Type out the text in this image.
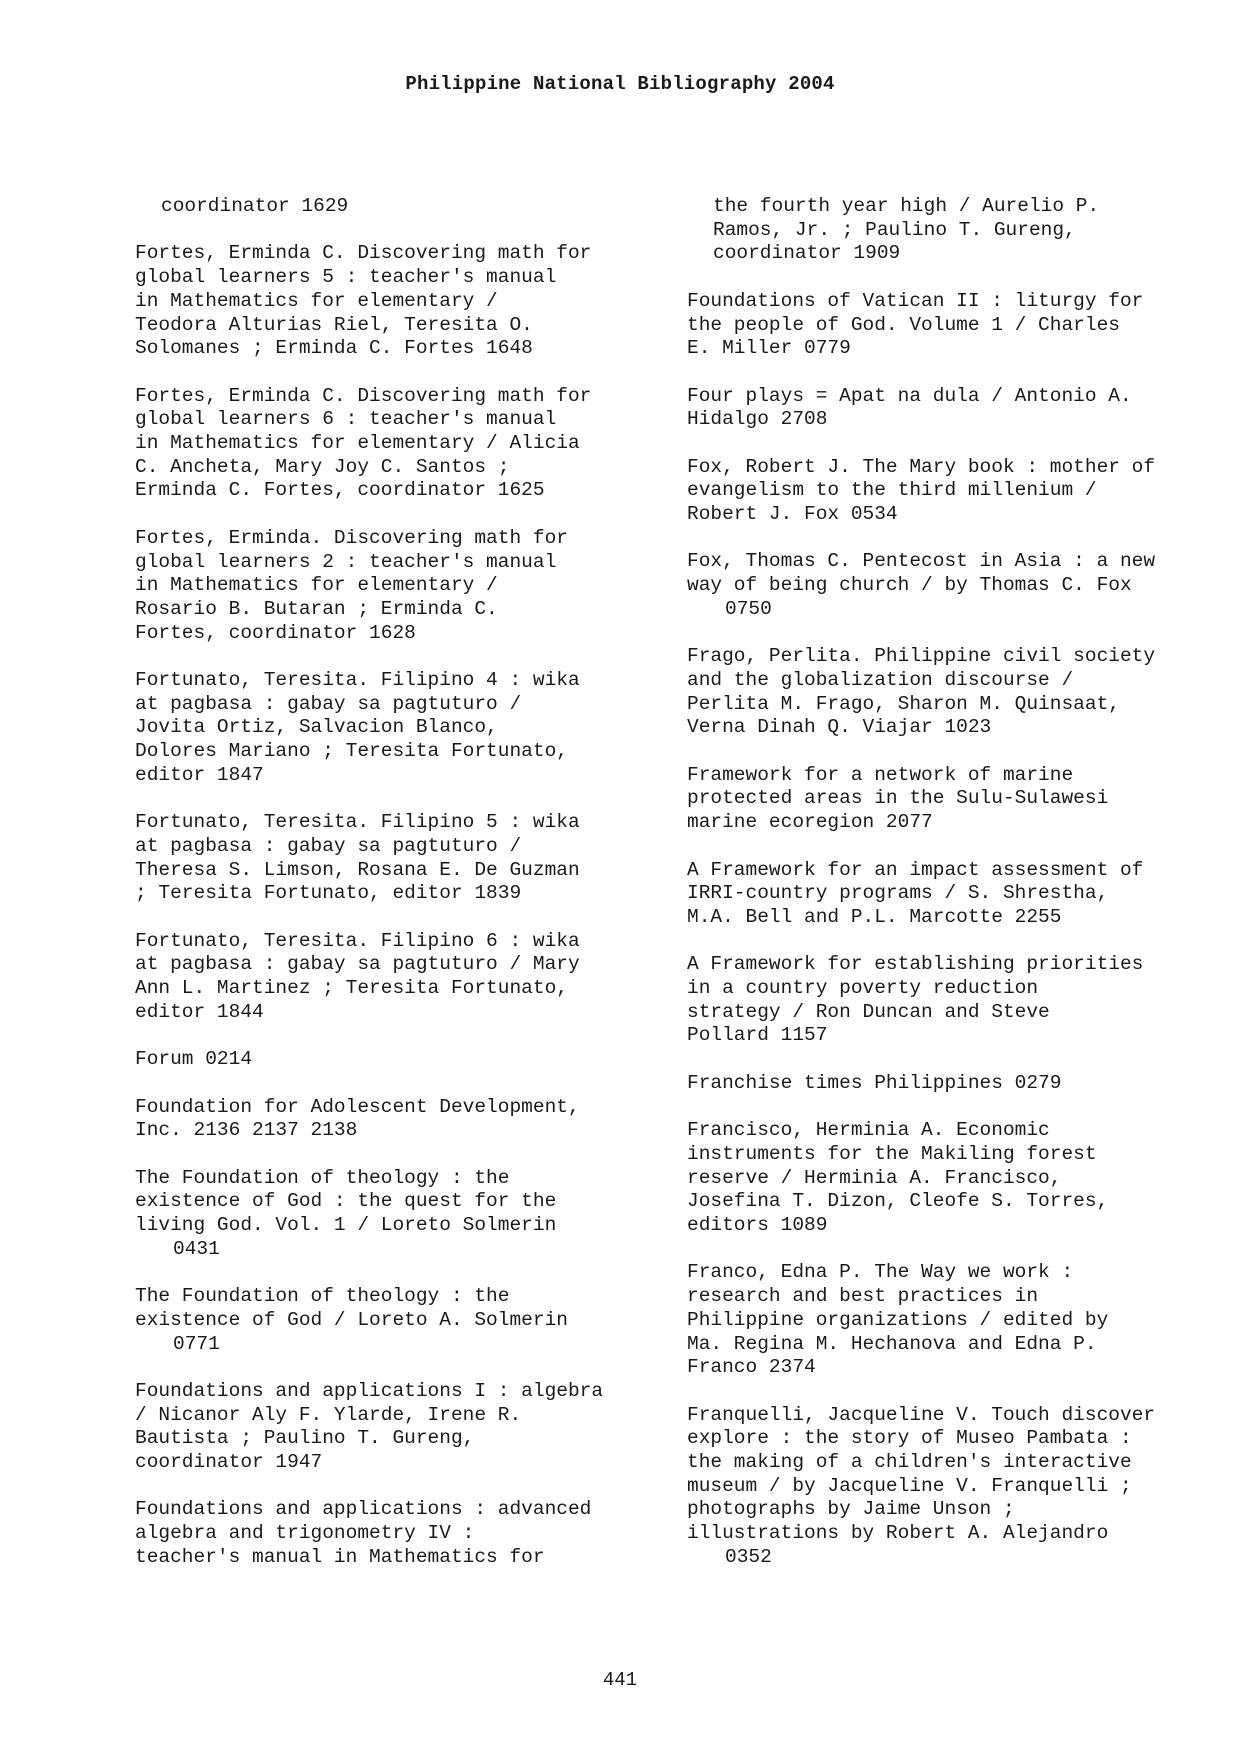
Philippine National Bibliography 2004
coordinator 1629
Fortes, Erminda C. Discovering math for
global learners 5 : teacher's manual
in Mathematics for elementary /
Teodora Alturias Riel, Teresita O.
Solomanes ; Erminda C. Fortes 1648
Fortes, Erminda C. Discovering math for
global learners 6 : teacher's manual
in Mathematics for elementary / Alicia
C. Ancheta, Mary Joy C. Santos ;
Erminda C. Fortes, coordinator 1625
Fortes, Erminda. Discovering math for
global learners 2 : teacher's manual
in Mathematics for elementary /
Rosario B. Butaran ; Erminda C.
Fortes, coordinator 1628
Fortunato, Teresita. Filipino 4 : wika
at pagbasa : gabay sa pagtuturo /
Jovita Ortiz, Salvacion Blanco,
Dolores Mariano ; Teresita Fortunato,
editor 1847
Fortunato, Teresita. Filipino 5 : wika
at pagbasa : gabay sa pagtuturo /
Theresa S. Limson, Rosana E. De Guzman
; Teresita Fortunato, editor 1839
Fortunato, Teresita. Filipino 6 : wika
at pagbasa : gabay sa pagtuturo / Mary
Ann L. Martinez ; Teresita Fortunato,
editor 1844
Forum 0214
Foundation for Adolescent Development,
Inc. 2136 2137 2138
The Foundation of theology : the
existence of God : the quest for the
living God. Vol. 1 / Loreto Solmerin
0431
The Foundation of theology : the
existence of God / Loreto A. Solmerin
0771
Foundations and applications I : algebra
/ Nicanor Aly F. Ylarde, Irene R.
Bautista ; Paulino T. Gureng,
coordinator 1947
Foundations and applications : advanced
algebra and trigonometry IV :
teacher's manual in Mathematics for
the fourth year high / Aurelio P.
Ramos, Jr. ; Paulino T. Gureng,
coordinator 1909
Foundations of Vatican II : liturgy for
the people of God. Volume 1 / Charles
E. Miller 0779
Four plays = Apat na dula / Antonio A.
Hidalgo 2708
Fox, Robert J. The Mary book : mother of
evangelism to the third millenium /
Robert J. Fox 0534
Fox, Thomas C. Pentecost in Asia : a new
way of being church / by Thomas C. Fox
0750
Frago, Perlita. Philippine civil society
and the globalization discourse /
Perlita M. Frago, Sharon M. Quinsaat,
Verna Dinah Q. Viajar 1023
Framework for a network of marine
protected areas in the Sulu-Sulawesi
marine ecoregion 2077
A Framework for an impact assessment of
IRRI-country programs / S. Shrestha,
M.A. Bell and P.L. Marcotte 2255
A Framework for establishing priorities
in a country poverty reduction
strategy / Ron Duncan and Steve
Pollard 1157
Franchise times Philippines 0279
Francisco, Herminia A. Economic
instruments for the Makiling forest
reserve / Herminia A. Francisco,
Josefina T. Dizon, Cleofe S. Torres,
editors 1089
Franco, Edna P. The Way we work :
research and best practices in
Philippine organizations / edited by
Ma. Regina M. Hechanova and Edna P.
Franco 2374
Franquelli, Jacqueline V. Touch discover
explore : the story of Museo Pambata :
the making of a children's interactive
museum / by Jacqueline V. Franquelli ;
photographs by Jaime Unson ;
illustrations by Robert A. Alejandro
0352
441
